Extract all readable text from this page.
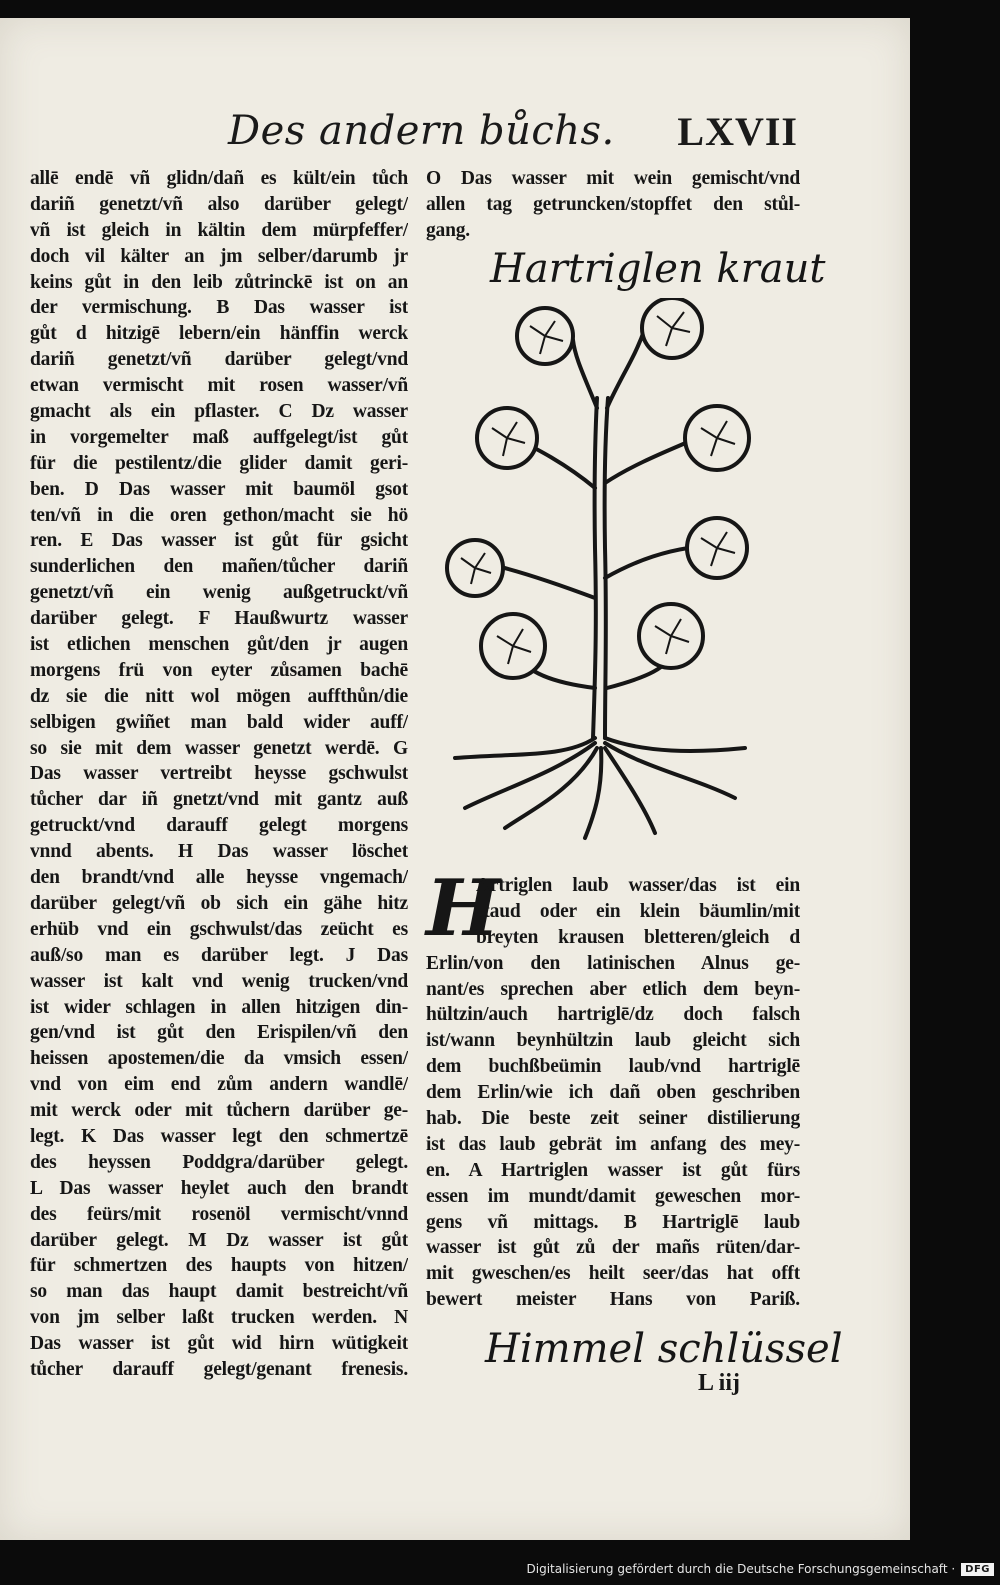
Des andern bůchs. LXVII
allē endē vñ glidn/dañ es kült/ein tůch
dariñ genetzt/vñ also darüber gelegt/
vñ ist gleich in kältin dem mürpfeffer/
doch vil kälter an jm selber/darumb jr
keins gůt in den leib zůtrinckē ist on an
der vermischung. B Das wasser ist
gůt d hitzigē lebern/ein hänffin werck
dariñ genetzt/vñ darüber gelegt/vnd
etwan vermischt mit rosen wasser/vñ
gmacht als ein pflaster. C Dz wasser
in vorgemelter maß auffgelegt/ist gůt
für die pestilentz/die glider damit geri-
ben. D Das wasser mit baumöl gsot
ten/vñ in die oren gethon/macht sie hö
ren. E Das wasser ist gůt für gsicht
sunderlichen den mañen/tůcher dariñ
genetzt/vñ ein wenig außgetruckt/vñ
darüber gelegt. F Haußwurtz wasser
ist etlichen menschen gůt/den jr augen
morgens frü von eyter zůsamen bachē
dz sie die nitt wol mögen auffthůn/die
selbigen gwiñet man bald wider auff/
so sie mit dem wasser genetzt werdē. G
Das wasser vertreibt heysse gschwulst
tůcher dar iñ gnetzt/vnd mit gantz auß
getruckt/vnd darauff gelegt morgens
vnnd abents. H Das wasser löschet
den brandt/vnd alle heysse vngemach/
darüber gelegt/vñ ob sich ein gähe hitz
erhüb vnd ein gschwulst/das zeücht es
auß/so man es darüber legt. J Das
wasser ist kalt vnd wenig trucken/vnd
ist wider schlagen in allen hitzigen din-
gen/vnd ist gůt den Erispilen/vñ den
heissen apostemen/die da vmsich essen/
vnd von eim end zům andern wandlē/
mit werck oder mit tůchern darüber ge-
legt. K Das wasser legt den schmertzē
des heyssen Poddgra/darüber gelegt.
L Das wasser heylet auch den brandt
des feürs/mit rosenöl vermischt/vnnd
darüber gelegt. M Dz wasser ist gůt
für schmertzen des haupts von hitzen/
so man das haupt damit bestreicht/vñ
von jm selber laßt trucken werden. N
Das wasser ist gůt wid hirn wütigkeit
tůcher darauff gelegt/genant frenesis.
O Das wasser mit wein gemischt/vnd
allen tag getruncken/stopffet den stůl-
gang.
Hartriglen kraut
H
Artriglen laub wasser/das ist ein
staud oder ein klein bäumlin/mit
breyten krausen bletteren/gleich d
Erlin/von den latinischen Alnus ge-
nant/es sprechen aber etlich dem beyn-
hültzin/auch hartriglē/dz doch falsch
ist/wann beynhültzin laub gleicht sich
dem buchßbeümin laub/vnd hartriglē
dem Erlin/wie ich dañ oben geschriben
hab. Die beste zeit seiner distilierung
ist das laub gebrät im anfang des mey-
en. A Hartriglen wasser ist gůt fürs
essen im mundt/damit geweschen mor-
gens vñ mittags. B Hartriglē laub
wasser ist gůt zů der mañs rüten/dar-
mit gweschen/es heilt seer/das hat offt
bewert meister Hans von Pariß.
Himmel schlüssel
L iij
Digitalisierung gefördert durch die Deutsche Forschungsgemeinschaft ·	DFG
